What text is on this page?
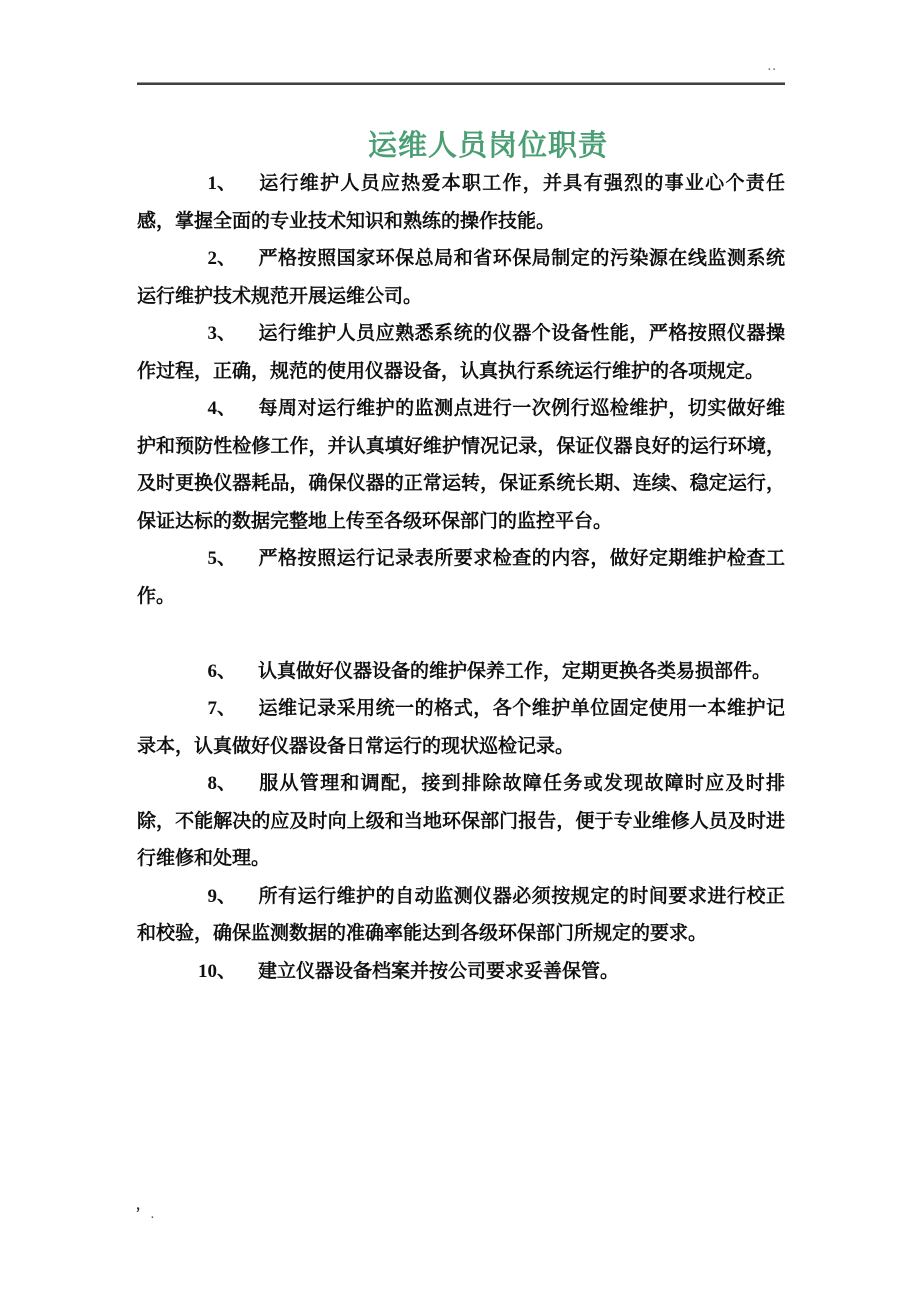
..
运维人员岗位职责

1、 运行维护人员应热爱本职工作，并具有强烈的事业心个责任感，掌握全面的专业技术知识和熟练的操作技能。

2、 严格按照国家环保总局和省环保局制定的污染源在线监测系统运行维护技术规范开展运维公司。

3、 运行维护人员应熟悉系统的仪器个设备性能，严格按照仪器操作过程，正确，规范的使用仪器设备，认真执行系统运行维护的各项规定。

4、 每周对运行维护的监测点进行一次例行巡检维护，切实做好维护和预防性检修工作，并认真填好维护情况记录，保证仪器良好的运行环境，及时更换仪器耗品，确保仪器的正常运转，保证系统长期、连续、稳定运行，保证达标的数据完整地上传至各级环保部门的监控平台。

5、 严格按照运行记录表所要求检查的内容，做好定期维护检查工作。

6、 认真做好仪器设备的维护保养工作，定期更换各类易损部件。

7、 运维记录采用统一的格式，各个维护单位固定使用一本维护记录本，认真做好仪器设备日常运行的现状巡检记录。

8、 服从管理和调配，接到排除故障任务或发现故障时应及时排除，不能解决的应及时向上级和当地环保部门报告，便于专业维修人员及时进行维修和处理。

9、 所有运行维护的自动监测仪器必须按规定的时间要求进行校正和校验，确保监测数据的准确率能达到各级环保部门所规定的要求。

10、 建立仪器设备档案并按公司要求妥善保管。

，
.
